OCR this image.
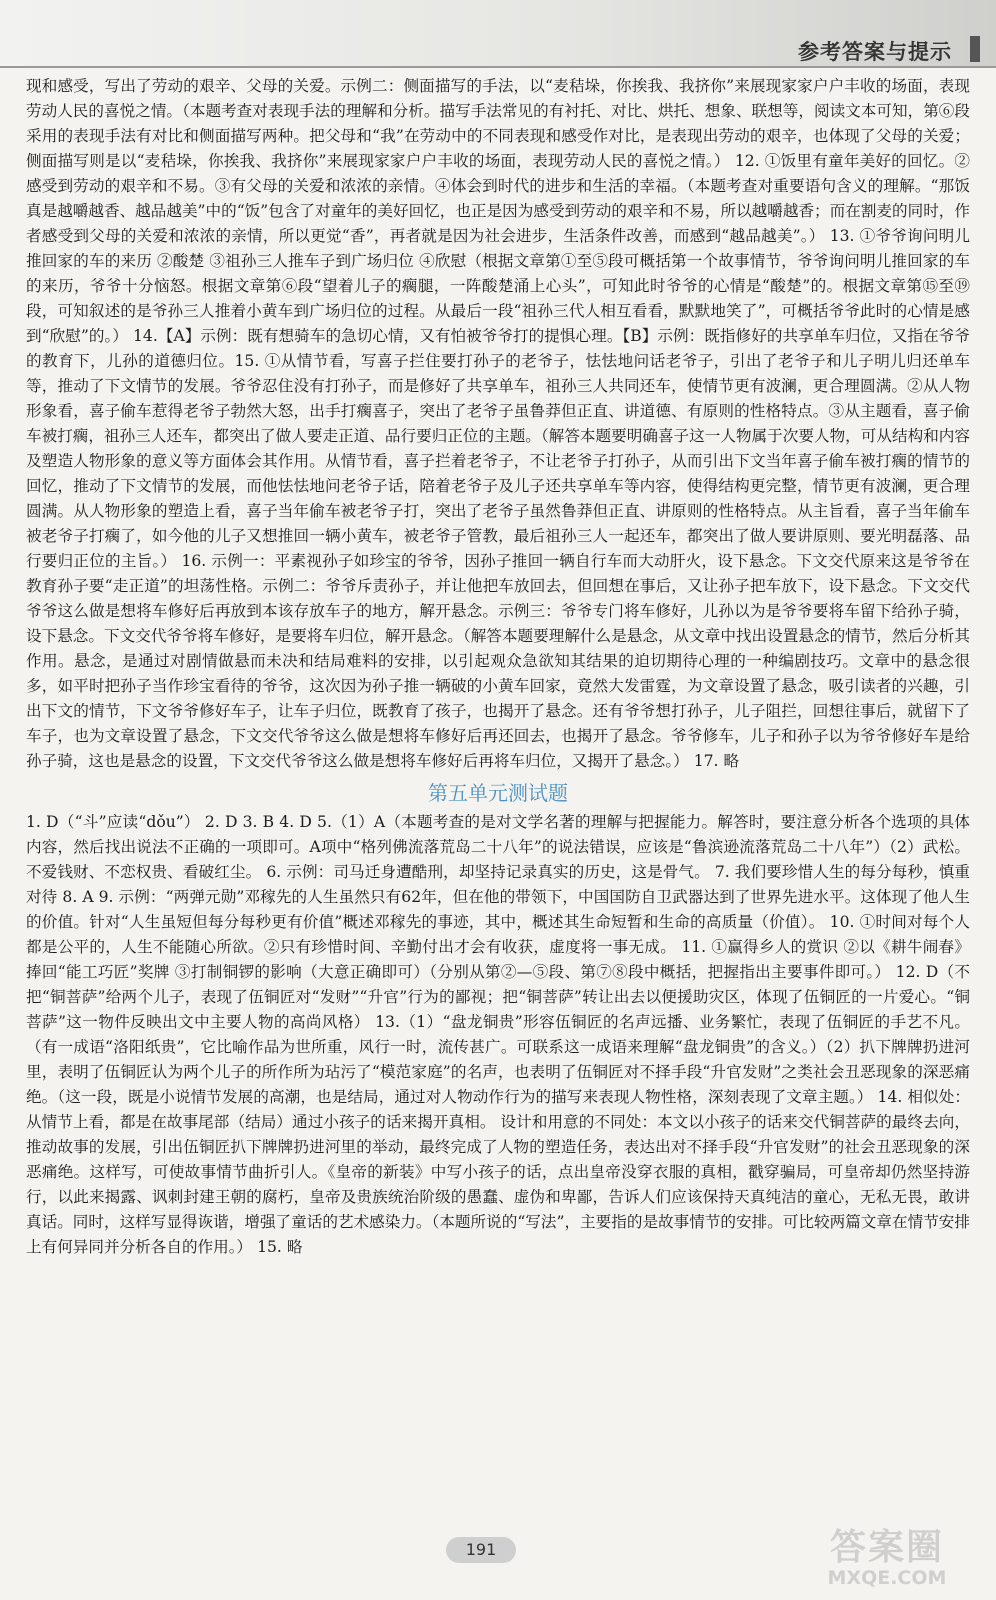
参考答案与提示

现和感受，写出了劳动的艰辛、父母的关爱。示例二：侧面描写的手法，以“麦秸垛，你挨我、我挤你”来展现家家户户丰收的场面，表现劳动人民的喜悦之情。（本题考查对表现手法的理解和分析。描写手法常见的有衬托、对比、烘托、想象、联想等，阅读文本可知，第⑥段采用的表现手法有对比和侧面描写两种。把父母和“我”在劳动中的不同表现和感受作对比，是表现出劳动的艰辛，也体现了父母的关爱；侧面描写则是以“麦秸垛，你挨我、我挤你”来展现家家户户丰收的场面，表现劳动人民的喜悦之情。） 12. ①饭里有童年美好的回忆。②感受到劳动的艰辛和不易。③有父母的关爱和浓浓的亲情。④体会到时代的进步和生活的幸福。（本题考查对重要语句含义的理解。“那饭真是越嚼越香、越品越美”中的“饭”包含了对童年的美好回忆，也正是因为感受到劳动的艰辛和不易，所以越嚼越香；而在割麦的同时，作者感受到父母的关爱和浓浓的亲情，所以更觉“香”，再者就是因为社会进步，生活条件改善，而感到“越品越美”。） 13. ①爷爷询问明儿推回家的车的来历 ②酸楚 ③祖孙三人推车子到广场归位 ④欣慰（根据文章第①至⑤段可概括第一个故事情节，爷爷询问明儿推回家的车的来历，爷爷十分恼怒。根据文章第⑥段“望着儿子的瘸腿，一阵酸楚涌上心头”，可知此时爷爷的心情是“酸楚”的。根据文章第⑮至⑲段，可知叙述的是爷孙三人推着小黄车到广场归位的过程。从最后一段“祖孙三代人相互看看，默默地笑了”，可概括爷爷此时的心情是感到“欣慰”的。） 14.【A】示例：既有想骑车的急切心情，又有怕被爷爷打的提惧心理。【B】示例：既指修好的共享单车归位，又指在爷爷的教育下，儿孙的道德归位。15. ①从情节看，写喜子拦住要打孙子的老爷子，怯怯地问话老爷子，引出了老爷子和儿子明儿归还单车等，推动了下文情节的发展。爷爷忍住没有打孙子，而是修好了共享单车，祖孙三人共同还车，使情节更有波澜，更合理圆满。②从人物形象看，喜子偷车惹得老爷子勃然大怒，出手打瘸喜子，突出了老爷子虽鲁莽但正直、讲道德、有原则的性格特点。③从主题看，喜子偷车被打瘸，祖孙三人还车，都突出了做人要走正道、品行要归正位的主题。（解答本题要明确喜子这一人物属于次要人物，可从结构和内容及塑造人物形象的意义等方面体会其作用。从情节看，喜子拦着老爷子，不让老爷子打孙子，从而引出下文当年喜子偷车被打瘸的情节的回忆，推动了下文情节的发展，而他怯怯地问老爷子话，陪着老爷子及儿子还共享单车等内容，使得结构更完整，情节更有波澜，更合理圆满。从人物形象的塑造上看，喜子当年偷车被老爷子打，突出了老爷子虽然鲁莽但正直、讲原则的性格特点。从主旨看，喜子当年偷车被老爷子打瘸了，如今他的儿子又想推回一辆小黄车，被老爷子管教，最后祖孙三人一起还车，都突出了做人要讲原则、要光明磊落、品行要归正位的主旨。） 16. 示例一：平素视孙子如珍宝的爷爷，因孙子推回一辆自行车而大动肝火，设下悬念。下文交代原来这是爷爷在教育孙子要“走正道”的坦荡性格。示例二：爷爷斥责孙子，并让他把车放回去，但回想在事后，又让孙子把车放下，设下悬念。下文交代爷爷这么做是想将车修好后再放到本该存放车子的地方，解开悬念。示例三：爷爷专门将车修好，儿孙以为是爷爷要将车留下给孙子骑，设下悬念。下文交代爷爷将车修好，是要将车归位，解开悬念。（解答本题要理解什么是悬念，从文章中找出设置悬念的情节，然后分析其作用。悬念，是通过对剧情做悬而未决和结局难料的安排，以引起观众急欲知其结果的迫切期待心理的一种编剧技巧。文章中的悬念很多，如平时把孙子当作珍宝看待的爷爷，这次因为孙子推一辆破的小黄车回家，竟然大发雷霆，为文章设置了悬念，吸引读者的兴趣，引出下文的情节，下文爷爷修好车子，让车子归位，既教育了孩子，也揭开了悬念。还有爷爷想打孙子，儿子阻拦，回想往事后，就留下了车子，也为文章设置了悬念，下文交代爷爷这么做是想将车修好后再还回去，也揭开了悬念。爷爷修车，儿子和孙子以为爷爷修好车是给孙子骑，这也是悬念的设置，下文交代爷爷这么做是想将车修好后再将车归位，又揭开了悬念。） 17. 略

第五单元测试题

1. D（“斗”应读“dǒu”） 2. D 3. B 4. D 5.（1）A（本题考查的是对文学名著的理解与把握能力。解答时，要注意分析各个选项的具体内容，然后找出说法不正确的一项即可。A项中“格列佛流落荒岛二十八年”的说法错误，应该是“鲁滨逊流落荒岛二十八年”）（2）武松。不爱钱财、不恋权贵、看破红尘。 6. 示例：司马迁身遭酷刑，却坚持记录真实的历史，这是骨气。 7. 我们要珍惜人生的每分每秒，慎重对待 8. A 9. 示例：“两弹元勋”邓稼先的人生虽然只有62年，但在他的带领下，中国国防自卫武器达到了世界先进水平。这体现了他人生的价值。针对“人生虽短但每分每秒更有价值”概述邓稼先的事迹，其中，概述其生命短暂和生命的高质量（价值）。 10. ①时间对每个人都是公平的，人生不能随心所欲。②只有珍惜时间、辛勤付出才会有收获，虚度将一事无成。 11. ①赢得乡人的赏识 ②以《耕牛闹春》捧回“能工巧匠”奖牌 ③打制铜锣的影响（大意正确即可）（分别从第②—⑤段、第⑦⑧段中概括，把握指出主要事件即可。） 12. D（不把“铜菩萨”给两个儿子，表现了伍铜匠对“发财”“升官”行为的鄙视；把“铜菩萨”转让出去以便援助灾区，体现了伍铜匠的一片爱心。“铜菩萨”这一物件反映出文中主要人物的高尚风格） 13.（1）“盘龙铜贵”形容伍铜匠的名声远播、业务繁忙，表现了伍铜匠的手艺不凡。（有一成语“洛阳纸贵”，它比喻作品为世所重，风行一时，流传甚广。可联系这一成语来理解“盘龙铜贵”的含义。）（2）扒下牌牌扔进河里，表明了伍铜匠认为两个儿子的所作所为玷污了“模范家庭”的名声，也表明了伍铜匠对不择手段“升官发财”之类社会丑恶现象的深恶痛绝。（这一段，既是小说情节发展的高潮，也是结局，通过对人物动作行为的描写来表现人物性格，深刻表现了文章主题。） 14. 相似处：从情节上看，都是在故事尾部（结局）通过小孩子的话来揭开真相。 设计和用意的不同处：本文以小孩子的话来交代铜菩萨的最终去向，推动故事的发展，引出伍铜匠扒下牌牌扔进河里的举动，最终完成了人物的塑造任务，表达出对不择手段“升官发财”的社会丑恶现象的深恶痛绝。这样写，可使故事情节曲折引人。《皇帝的新装》中写小孩子的话，点出皇帝没穿衣服的真相，戳穿骗局，可皇帝却仍然坚持游行，以此来揭露、讽刺封建王朝的腐朽，皇帝及贵族统治阶级的愚蠢、虚伪和卑鄙，告诉人们应该保持天真纯洁的童心，无私无畏，敢讲真话。同时，这样写显得诙谐，增强了童话的艺术感染力。（本题所说的“写法”，主要指的是故事情节的安排。可比较两篇文章在情节安排上有何异同并分析各自的作用。） 15. 略

191	答案圈
MXQE.COM
